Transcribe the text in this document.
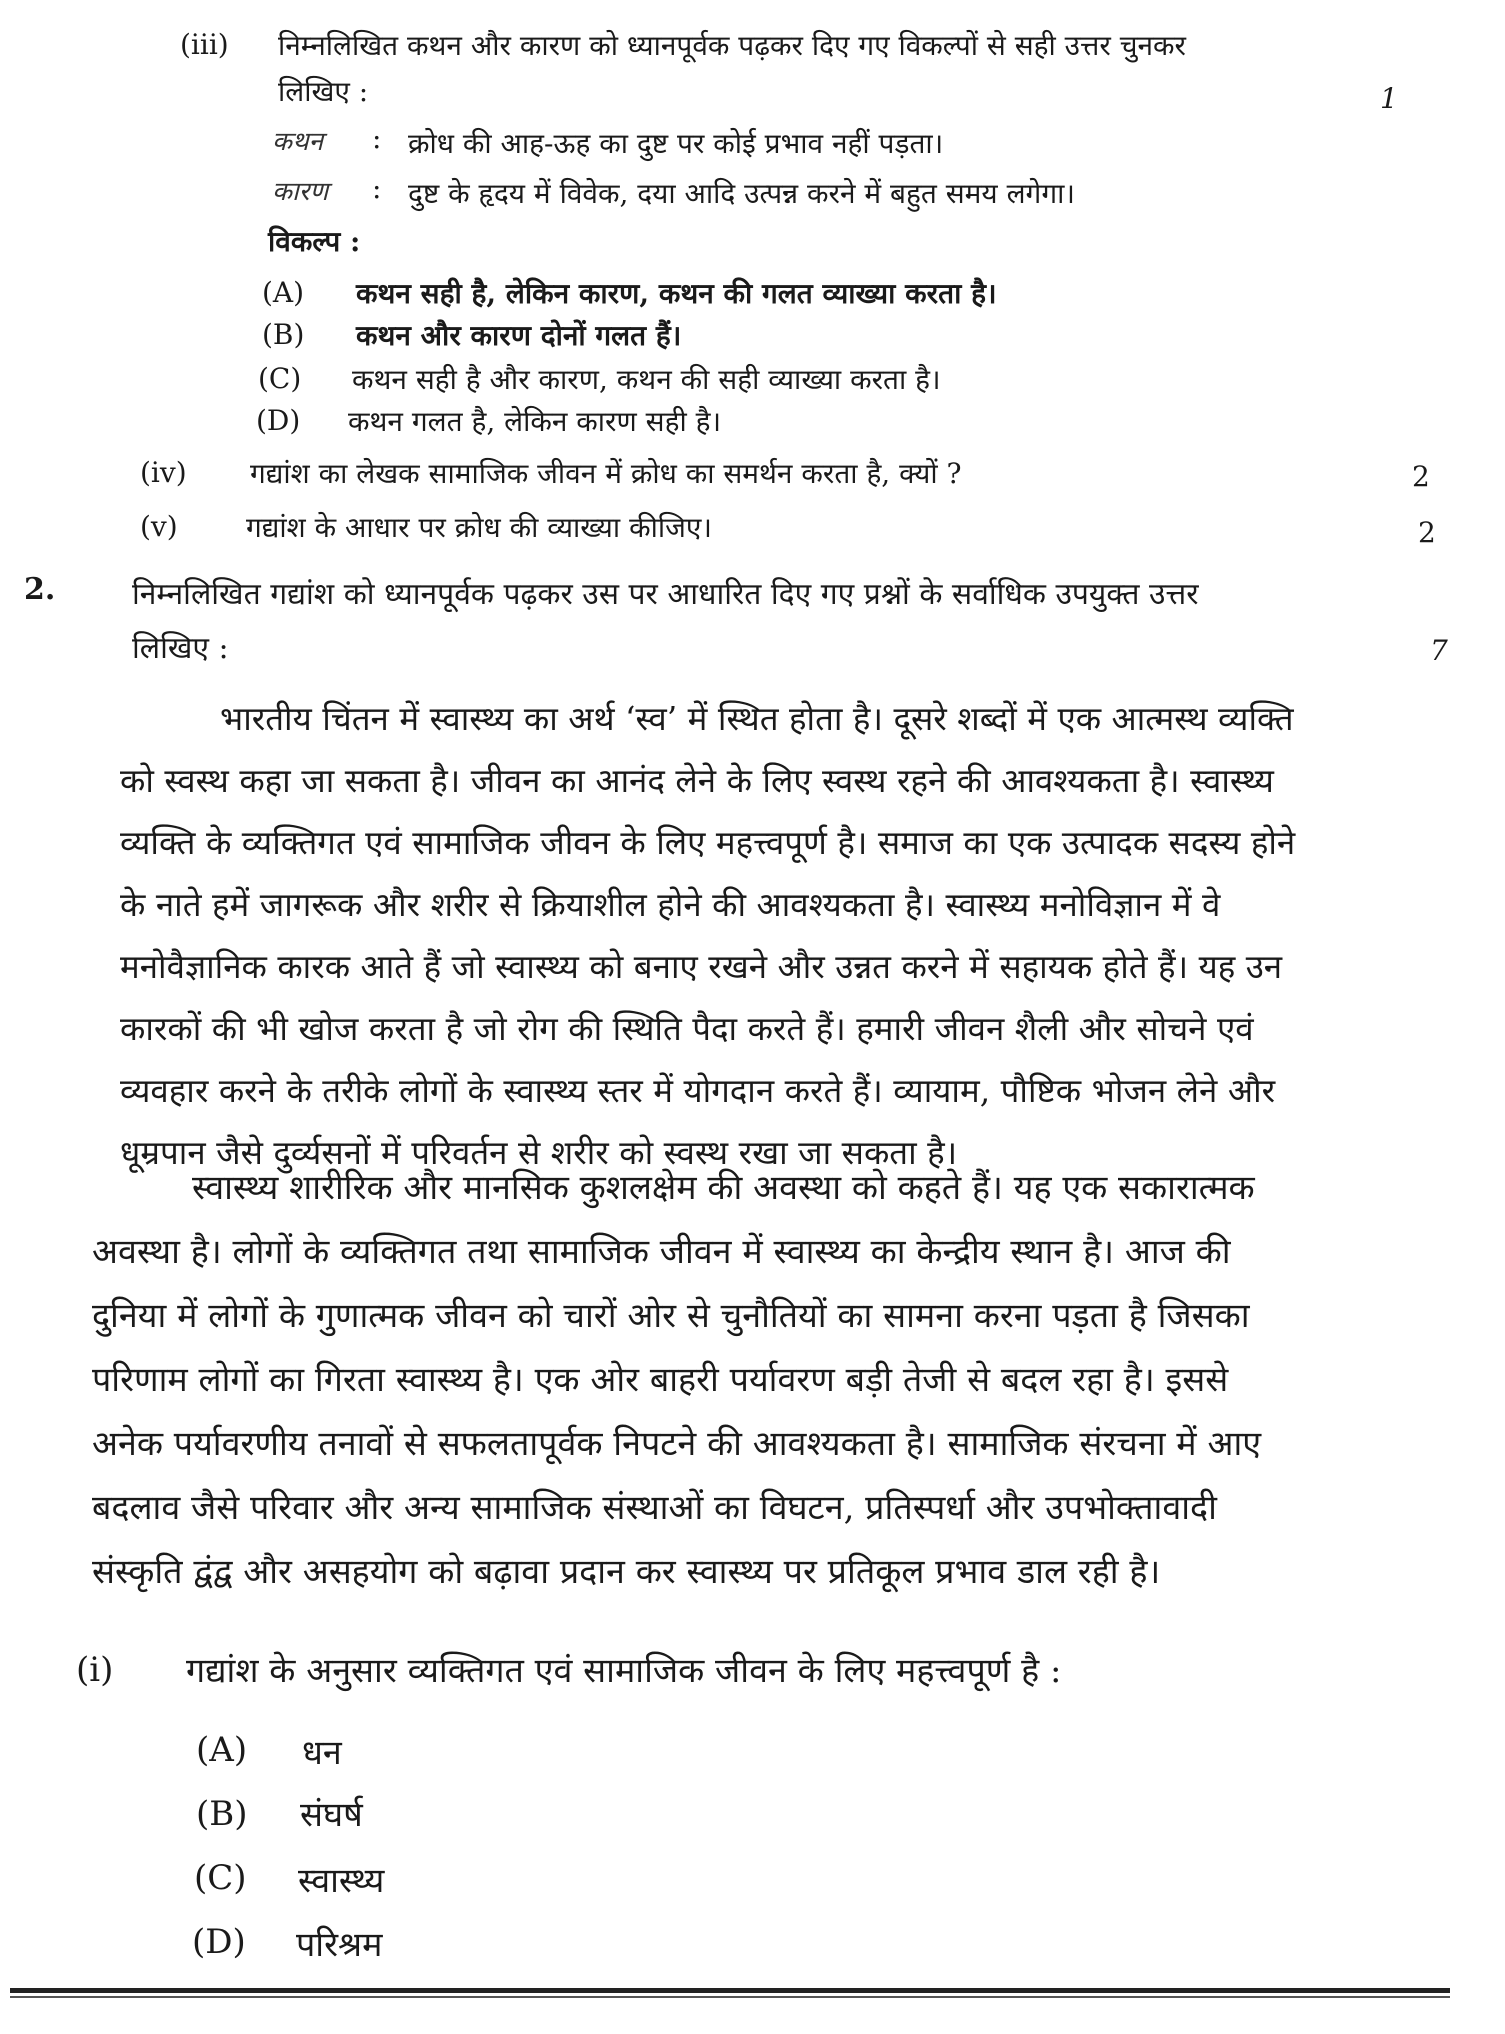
(iii) निम्नलिखित कथन और कारण को ध्यानपूर्वक पढ़कर दिए गए विकल्पों से सही उत्तर चुनकर
लिखिए :	1
कथन : क्रोध की आह-ऊह का दुष्ट पर कोई प्रभाव नहीं पड़ता।
कारण : दुष्ट के हृदय में विवेक, दया आदि उत्पन्न करने में बहुत समय लगेगा।
विकल्प :
(A) कथन सही है, लेकिन कारण, कथन की गलत व्याख्या करता है।
(B) कथन और कारण दोनों गलत हैं।
(C) कथन सही है और कारण, कथन की सही व्याख्या करता है।
(D) कथन गलत है, लेकिन कारण सही है।
(iv) गद्यांश का लेखक सामाजिक जीवन में क्रोध का समर्थन करता है, क्यों ?	2
(v) गद्यांश के आधार पर क्रोध की व्याख्या कीजिए।	2
2.	निम्नलिखित गद्यांश को ध्यानपूर्वक पढ़कर उस पर आधारित दिए गए प्रश्नों के सर्वाधिक उपयुक्त उत्तर
लिखिए :	7
भारतीय चिंतन में स्वास्थ्य का अर्थ ‘स्व’ में स्थित होता है। दूसरे शब्दों में एक आत्मस्थ व्यक्ति
को स्वस्थ कहा जा सकता है। जीवन का आनंद लेने के लिए स्वस्थ रहने की आवश्यकता है। स्वास्थ्य
व्यक्ति के व्यक्तिगत एवं सामाजिक जीवन के लिए महत्त्वपूर्ण है। समाज का एक उत्पादक सदस्य होने
के नाते हमें जागरूक और शरीर से क्रियाशील होने की आवश्यकता है। स्वास्थ्य मनोविज्ञान में वे
मनोवैज्ञानिक कारक आते हैं जो स्वास्थ्य को बनाए रखने और उन्नत करने में सहायक होते हैं। यह उन
कारकों की भी खोज करता है जो रोग की स्थिति पैदा करते हैं। हमारी जीवन शैली और सोचने एवं
व्यवहार करने के तरीके लोगों के स्वास्थ्य स्तर में योगदान करते हैं। व्यायाम, पौष्टिक भोजन लेने और
धूम्रपान जैसे दुर्व्यसनों में परिवर्तन से शरीर को स्वस्थ रखा जा सकता है।
स्वास्थ्य शारीरिक और मानसिक कुशलक्षेम की अवस्था को कहते हैं। यह एक सकारात्मक
अवस्था है। लोगों के व्यक्तिगत तथा सामाजिक जीवन में स्वास्थ्य का केन्द्रीय स्थान है। आज की
दुनिया में लोगों के गुणात्मक जीवन को चारों ओर से चुनौतियों का सामना करना पड़ता है जिसका
परिणाम लोगों का गिरता स्वास्थ्य है। एक ओर बाहरी पर्यावरण बड़ी तेजी से बदल रहा है। इससे
अनेक पर्यावरणीय तनावों से सफलतापूर्वक निपटने की आवश्यकता है। सामाजिक संरचना में आए
बदलाव जैसे परिवार और अन्य सामाजिक संस्थाओं का विघटन, प्रतिस्पर्धा और उपभोक्तावादी
संस्कृति द्वंद्व और असहयोग को बढ़ावा प्रदान कर स्वास्थ्य पर प्रतिकूल प्रभाव डाल रही है।
(i) गद्यांश के अनुसार व्यक्तिगत एवं सामाजिक जीवन के लिए महत्त्वपूर्ण है :
(A) धन
(B) संघर्ष
(C) स्वास्थ्य
(D) परिश्रम
